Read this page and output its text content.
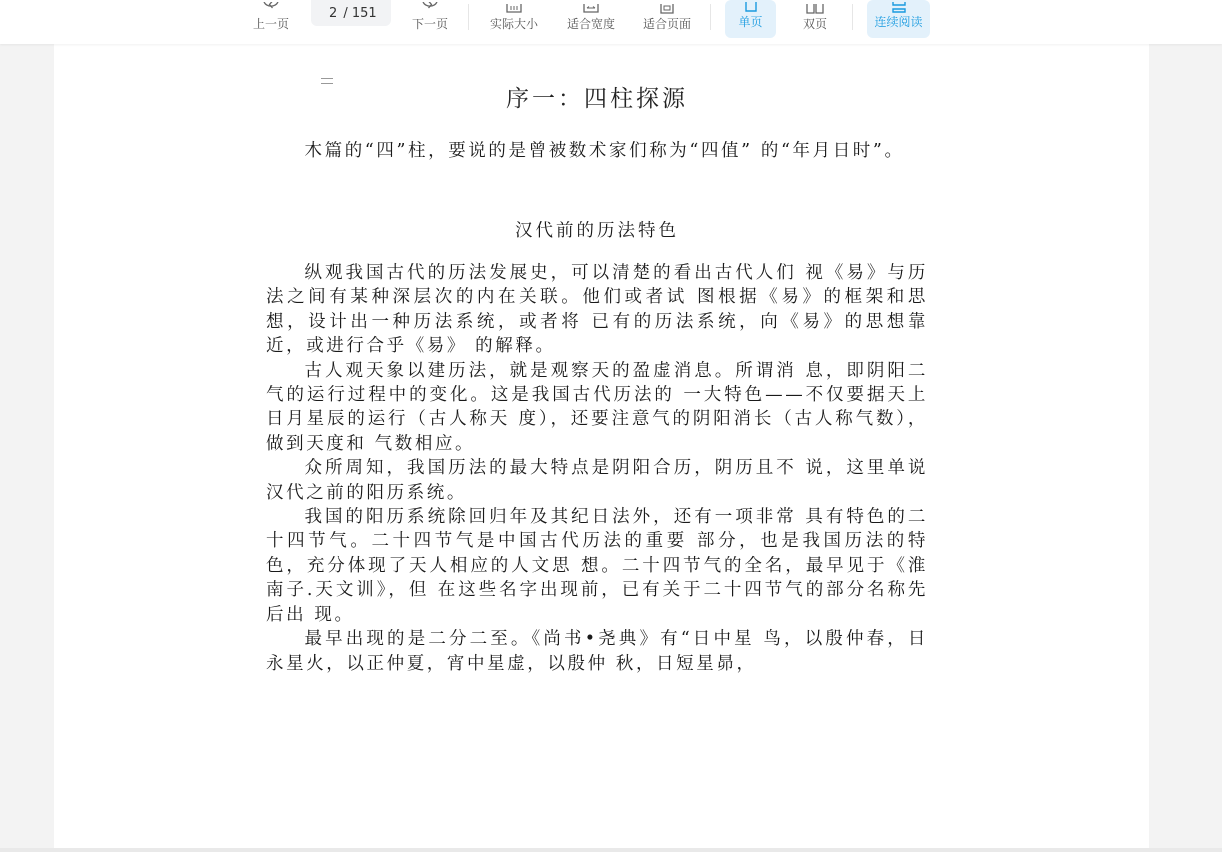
上一页
2
/ 151
下一页	实际大小 适合宽度 适合页面	单页	双页	连续阅读
序一：四柱探源

木篇的“四”柱，要说的是曾被数术家们称为“四值” 的“年月日时”。

汉代前的历法特色

纵观我国古代的历法发展史，可以清楚的看出古代人们 视《易》与历法之间有某种深层次的内在关联。他们或者试 图根据《易》的框架和思想，设计出一种历法系统，或者将 已有的历法系统，向《易》的思想靠近，或进行合乎《易》 的解释。

古人观天象以建历法，就是观察天的盈虚消息。所谓消 息，即阴阳二气的运行过程中的变化。这是我国古代历法的 一大特色——不仅要据天上日月星辰的运行（古人称天 度），还要注意气的阴阳消长（古人称气数），做到天度和 气数相应。

众所周知，我国历法的最大特点是阴阳合历，阴历且不 说，这里单说汉代之前的阳历系统。

我国的阳历系统除回归年及其纪日法外，还有一项非常 具有特色的二十四节气。二十四节气是中国古代历法的重要 部分，也是我国历法的特色，充分体现了天人相应的人文思 想。二十四节气的全名，最早见于《淮南子.天文训》，但 在这些名字出现前，已有关于二十四节气的部分名称先后出 现。

最早出现的是二分二至。《尚书•尧典》有“日中星 鸟，以殷仲春，日永星火，以正仲夏，宵中星虚，以殷仲 秋，日短星昴，
